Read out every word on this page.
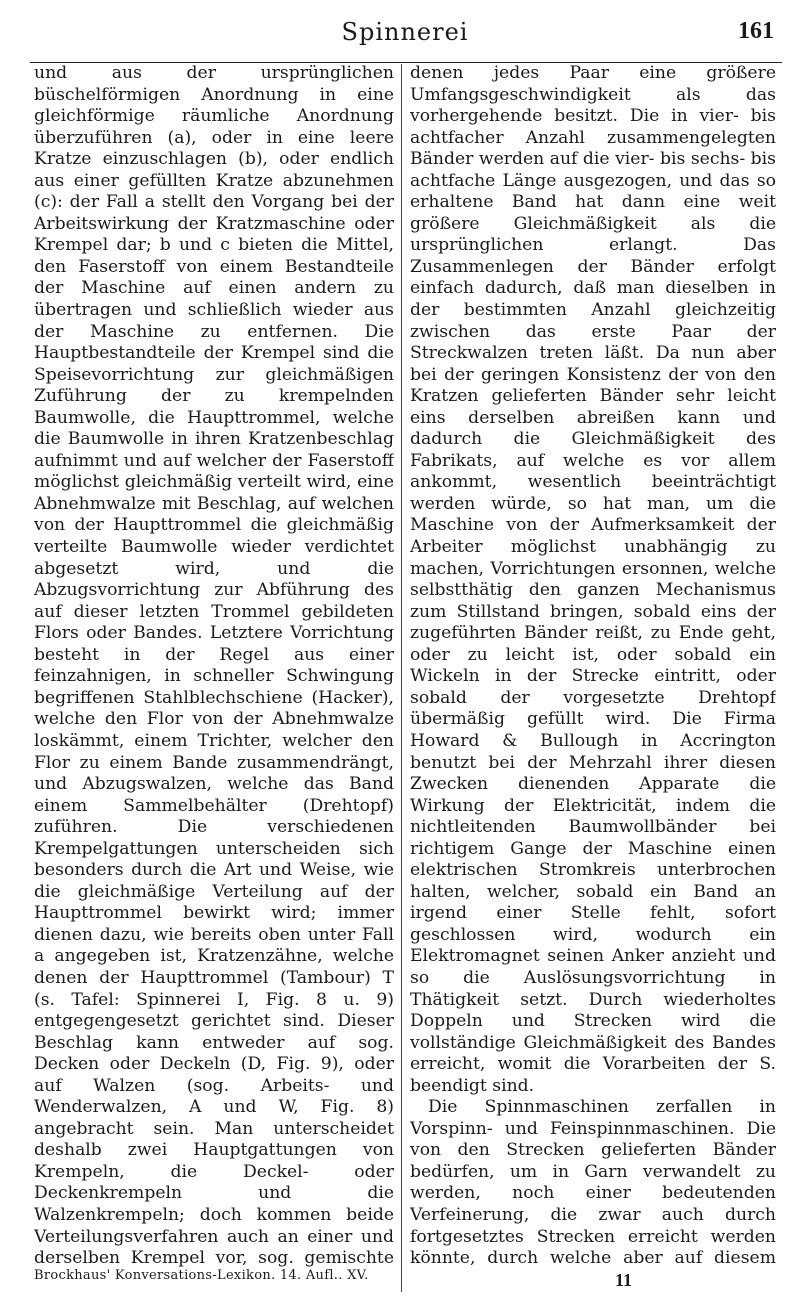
Spinnerei	161

und aus der ursprünglichen büschelförmigen Anordnung in eine gleichförmige räumliche Anordnung überzuführen (a), oder in eine leere Kratze einzuschlagen (b), oder endlich aus einer gefüllten Kratze abzunehmen (c): der Fall a stellt den Vorgang bei der Arbeitswirkung der Kratzmaschine oder Krempel dar; b und c bieten die Mittel, den Faserstoff von einem Bestandteile der Maschine auf einen andern zu übertragen und schließlich wieder aus der Maschine zu entfernen. Die Hauptbestandteile der Krempel sind die Speisevorrichtung zur gleichmäßigen Zuführung der zu krempelnden Baumwolle, die Haupttrommel, welche die Baumwolle in ihren Kratzenbeschlag aufnimmt und auf welcher der Faserstoff möglichst gleichmäßig verteilt wird, eine Abnehmwalze mit Beschlag, auf welchen von der Haupttrommel die gleichmäßig verteilte Baumwolle wieder verdichtet abgesetzt wird, und die Abzugsvorrichtung zur Abführung des auf dieser letzten Trommel gebildeten Flors oder Bandes. Letztere Vorrichtung besteht in der Regel aus einer feinzahnigen, in schneller Schwingung begriffenen Stahlblechschiene (Hacker), welche den Flor von der Abnehmwalze loskämmt, einem Trichter, welcher den Flor zu einem Bande zusammendrängt, und Abzugswalzen, welche das Band einem Sammelbehälter (Drehtopf) zuführen. Die verschiedenen Krempelgattungen unterscheiden sich besonders durch die Art und Weise, wie die gleichmäßige Verteilung auf der Haupttrommel bewirkt wird; immer dienen dazu, wie bereits oben unter Fall a angegeben ist, Kratzenzähne, welche denen der Haupttrommel (Tambour) T (s. Tafel: Spinnerei I, Fig. 8 u. 9) entgegengesetzt gerichtet sind. Dieser Beschlag kann entweder auf sog. Decken oder Deckeln (D, Fig. 9), oder auf Walzen (sog. Arbeits- und Wenderwalzen, A und W, Fig. 8) angebracht sein. Man unterscheidet deshalb zwei Hauptgattungen von Krempeln, die Deckel- oder Deckenkrempeln und die Walzenkrempeln; doch kommen beide Verteilungsverfahren auch an einer und derselben Krempel vor, sog. gemischte

denen jedes Paar eine größere Umfangsgeschwindigkeit als das vorhergehende besitzt. Die in vier- bis achtfacher Anzahl zusammengelegten Bänder werden auf die vier- bis sechs- bis achtfache Länge ausgezogen, und das so erhaltene Band hat dann eine weit größere Gleichmäßigkeit als die ursprünglichen erlangt. Das Zusammenlegen der Bänder erfolgt einfach dadurch, daß man dieselben in der bestimmten Anzahl gleichzeitig zwischen das erste Paar der Streckwalzen treten läßt. Da nun aber bei der geringen Konsistenz der von den Kratzen gelieferten Bänder sehr leicht eins derselben abreißen kann und dadurch die Gleichmäßigkeit des Fabrikats, auf welche es vor allem ankommt, wesentlich beeinträchtigt werden würde, so hat man, um die Maschine von der Aufmerksamkeit der Arbeiter möglichst unabhängig zu machen, Vorrichtungen ersonnen, welche selbstthätig den ganzen Mechanismus zum Stillstand bringen, sobald eins der zugeführten Bänder reißt, zu Ende geht, oder zu leicht ist, oder sobald ein Wickeln in der Strecke eintritt, oder sobald der vorgesetzte Drehtopf übermäßig gefüllt wird. Die Firma Howard & Bullough in Accrington benutzt bei der Mehrzahl ihrer diesen Zwecken dienenden Apparate die Wirkung der Elektricität, indem die nichtleitenden Baumwollbänder bei richtigem Gange der Maschine einen elektrischen Stromkreis unterbrochen halten, welcher, sobald ein Band an irgend einer Stelle fehlt, sofort geschlossen wird, wodurch ein Elektromagnet seinen Anker anzieht und so die Auslösungsvorrichtung in Thätigkeit setzt. Durch wiederholtes Doppeln und Strecken wird die vollständige Gleichmäßigkeit des Bandes erreicht, womit die Vorarbeiten der S. beendigt sind.

Die Spinnmaschinen zerfallen in Vorspinn- und Feinspinnmaschinen. Die von den Strecken gelieferten Bänder bedürfen, um in Garn verwandelt zu werden, noch einer bedeutenden Verfeinerung, die zwar auch durch fortgesetztes Strecken erreicht werden könnte, durch welche aber auf diesem

Brockhaus' Konversations-Lexikon. 14. Aufl.. XV.	11
